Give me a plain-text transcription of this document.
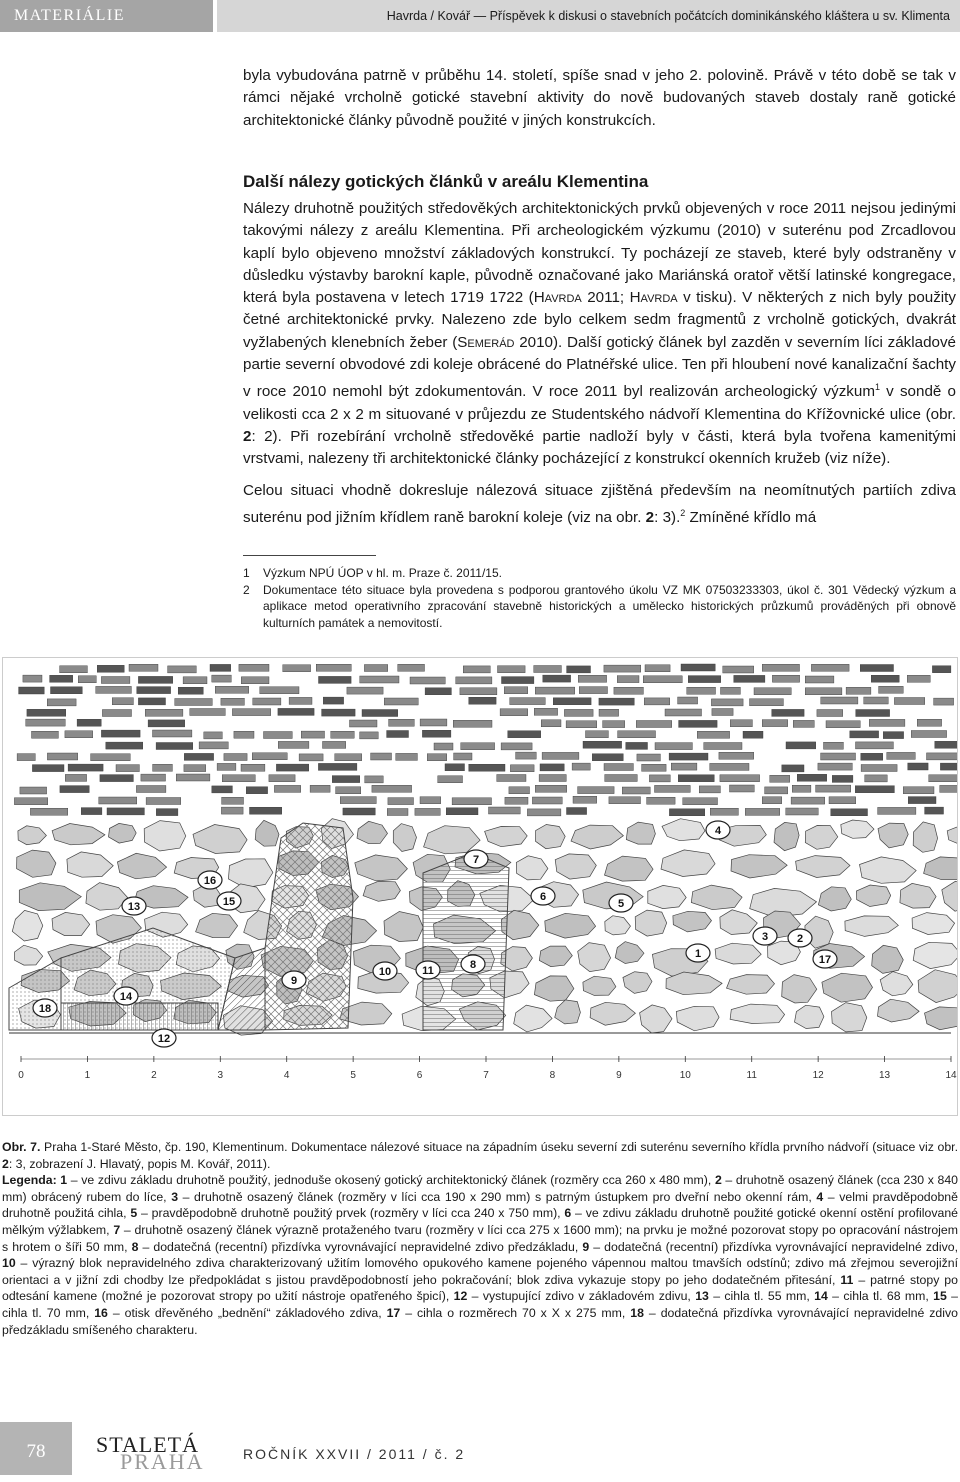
MATERIÁLIE	Havrda / Kovář — Příspěvek k diskusi o stavebních počátcích dominikánského kláštera u sv. Klimenta

byla vybudována patrně v průběhu 14. století, spíše snad v jeho 2. polovině. Právě v této době se tak v rámci nějaké vrcholně gotické stavební aktivity do nově budovaných staveb dostaly raně gotické architektonické články původně použité v jiných konstrukcích.

Další nálezy gotických článků v areálu Klementina

Nálezy druhotně použitých středověkých architektonických prvků objevených v roce 2011 nejsou jedinými takovými nálezy z areálu Klementina. Při archeologickém výzkumu (2010) v suterénu pod Zrcadlovou kaplí bylo objeveno množství základových konstrukcí. Ty pocházejí ze staveb, které byly odstraněny v důsledku výstavby barokní kaple, původně označované jako Mariánská oratoř větší latinské kongregace, která byla postavena v letech 1719 1722 (Havrda 2011; Havrda v tisku). V některých z nich byly použity četné architektonické prvky. Nalezeno zde bylo celkem sedm fragmentů z vrcholně gotických, dvakrát vyžlabených klenebních žeber (Semerád 2010). Další gotický článek byl zazděn v severním líci základové partie severní obvodové zdi koleje obrácené do Platnéřské ulice. Ten při hloubení nové kanalizační šachty v roce 2010 nemohl být zdokumentován. V roce 2011 byl realizován archeologický výzkum$^1$ v sondě o velikosti cca 2 x 2 m situované v průjezdu ze Studentského nádvoří Klementina do Křížovnické ulice (obr. 2: 2). Při rozebírání vrcholně středověké partie nadloží byly v části, která byla tvořena kamenitými vrstvami, nalezeny tři architektonické články pocházející z konstrukcí okenních kružeb (viz níže).

Celou situaci vhodně dokresluje nálezová situace zjištěná především na neomítnutých partiích zdiva suterénu pod jižním křídlem raně barokní koleje (viz na obr. 2: 3).$^2$ Zmíněné křídlo má

1 Výzkum NPÚ ÚOP v hl. m. Praze č. 2011/15.

2 Dokumentace této situace byla provedena s podporou grantového úkolu VZ MK 07503233303, úkol č. 301 Vědecký výzkum a aplikace metod operativního zpracování stavebně historických a umělecko historických průzkumů prováděných při obnově kulturních památek a nemovitostí.

0	1	2	3	4	5	6	7	8	9	10	11	12	13	14
1
2
3
4
5
6
7
8
9
10	11
12
13
14
15
16
17
18

Obr. 7. Praha 1-Staré Město, čp. 190, Klementinum. Dokumentace nálezové situace na západním úseku severní zdi suterénu severního křídla prvního nádvoří (situace viz obr. 2: 3, zobrazení J. Hlavatý, popis M. Kovář, 2011).
Legenda: 1 – ve zdivu základu druhotně použitý, jednoduše okosený gotický architektonický článek (rozměry cca 260 x 480 mm), 2 – druhotně osazený článek (cca 230 x 840 mm) obrácený rubem do líce, 3 – druhotně osazený článek (rozměry v líci cca 190 x 290 mm) s patrným ústupkem pro dveřní nebo okenní rám, 4 – velmi pravděpodobně druhotně použitá cihla, 5 – pravděpodobně druhotně použitý prvek (rozměry v líci cca 240 x 750 mm), 6 – ve zdivu základu druhotně použité gotické okenní ostění profilované mělkým výžlabkem, 7 – druhotně osazený článek výrazně protaženého tvaru (rozměry v líci cca 275 x 1600 mm); na prvku je možné pozorovat stopy po opracování nástrojem s hrotem o šíři 50 mm, 8 – dodatečná (recentní) přizdívka vyrovnávající nepravidelné zdivo předzákladu, 9 – dodatečná (recentní) přizdívka vyrovnávající nepravidelné zdivo, 10 – výrazný blok nepravidelného zdiva charakterizovaný užitím lomového opukového kamene pojeného vápennou maltou tmavších odstínů; zdivo má zřejmou severojižní orientaci a v jižní zdi chodby lze předpokládat s jistou pravděpodobností jeho pokračování; blok zdiva vykazuje stopy po jeho dodatečném přitesání, 11 – patrné stopy po odtesání kamene (možné je pozorovat stropy po užití nástroje opatřeného špicí), 12 – vystupující zdivo v základovém zdivu, 13 – cihla tl. 55 mm, 14 – cihla tl. 68 mm, 15 – cihla tl. 70 mm, 16 – otisk dřevěného „bednění“ základového zdiva, 17 – cihla o rozměrech 70 x X x 275 mm, 18 – dodatečná přizdívka vyrovnávající nepravidelné zdivo předzákladu smíšeného charakteru.

78	STALETÁ
PRAHA	ROČNÍK XXVII / 2011 / č. 2
